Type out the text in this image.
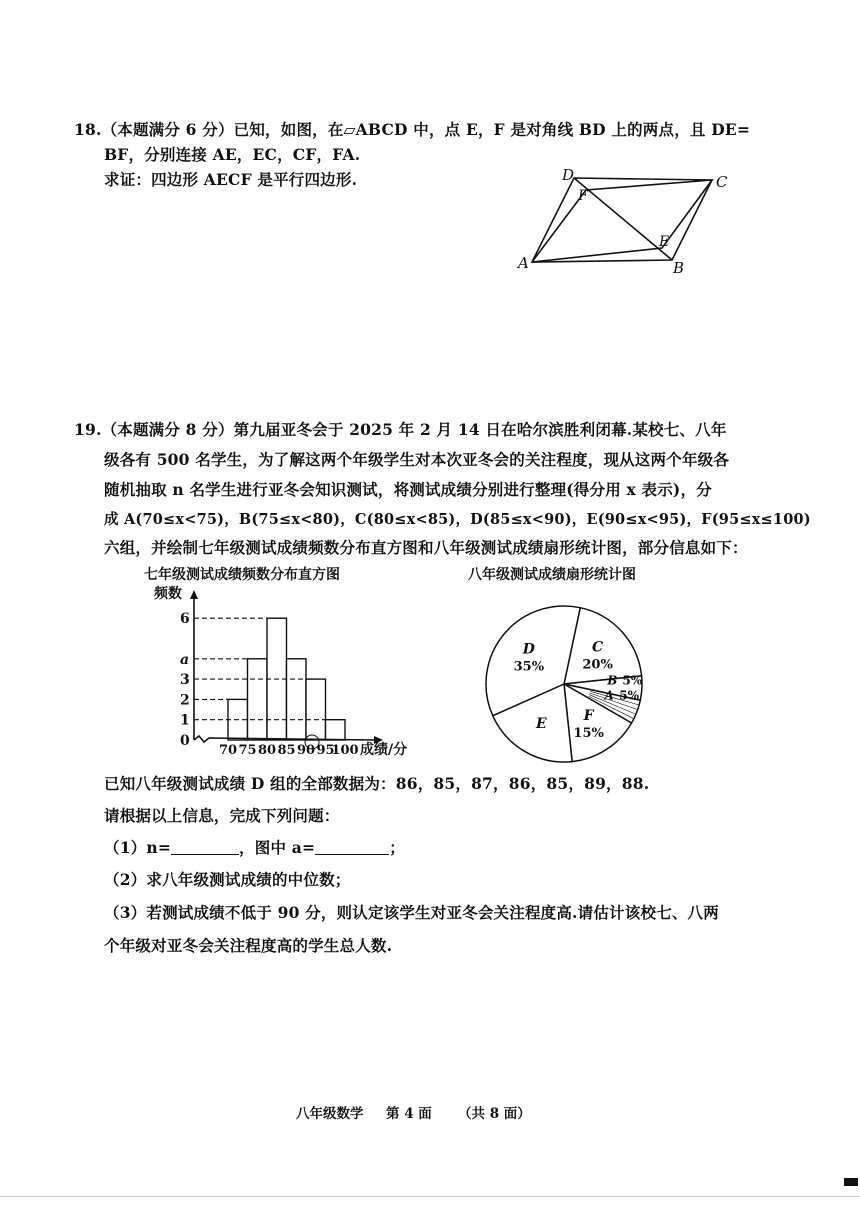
18.（本题满分 6 分）已知，如图，在▱ABCD 中，点 E，F 是对角线 BD 上的两点，且 DE=
BF，分别连接 AE，EC，CF，FA.
求证：四边形 AECF 是平行四边形.	D
F
C
E
A	B
19.（本题满分 8 分）第九届亚冬会于 2025 年 2 月 14 日在哈尔滨胜利闭幕.某校七、八年
级各有 500 名学生，为了解这两个年级学生对本次亚冬会的关注程度，现从这两个年级各
随机抽取 n 名学生进行亚冬会知识测试，将测试成绩分别进行整理(得分用 x 表示)，分
成 A(70≤x<75)，B(75≤x<80)，C(80≤x<85)，D(85≤x<90)，E(90≤x<95)，F(95≤x≤100)
六组，并绘制七年级测试成绩频数分布直方图和八年级测试成绩扇形统计图，部分信息如下：
七年级测试成绩频数分布直方图	八年级测试成绩扇形统计图
0
1
2
3
a
6
70 75 80 85 90 95
100
频数
成绩/分
C
20%
B 5%
A 5%
F
15%
E
D
35%
已知八年级测试成绩 D 组的全部数据为：86，85，87，86，85，89，88.
请根据以上信息，完成下列问题：
（1）n=	，图中 a=	；
（2）求八年级测试成绩的中位数；
（3）若测试成绩不低于 90 分，则认定该学生对亚冬会关注程度高.请估计该校七、八两
个年级对亚冬会关注程度高的学生总人数.
八年级数学 第 4 面 （共 8 面）
